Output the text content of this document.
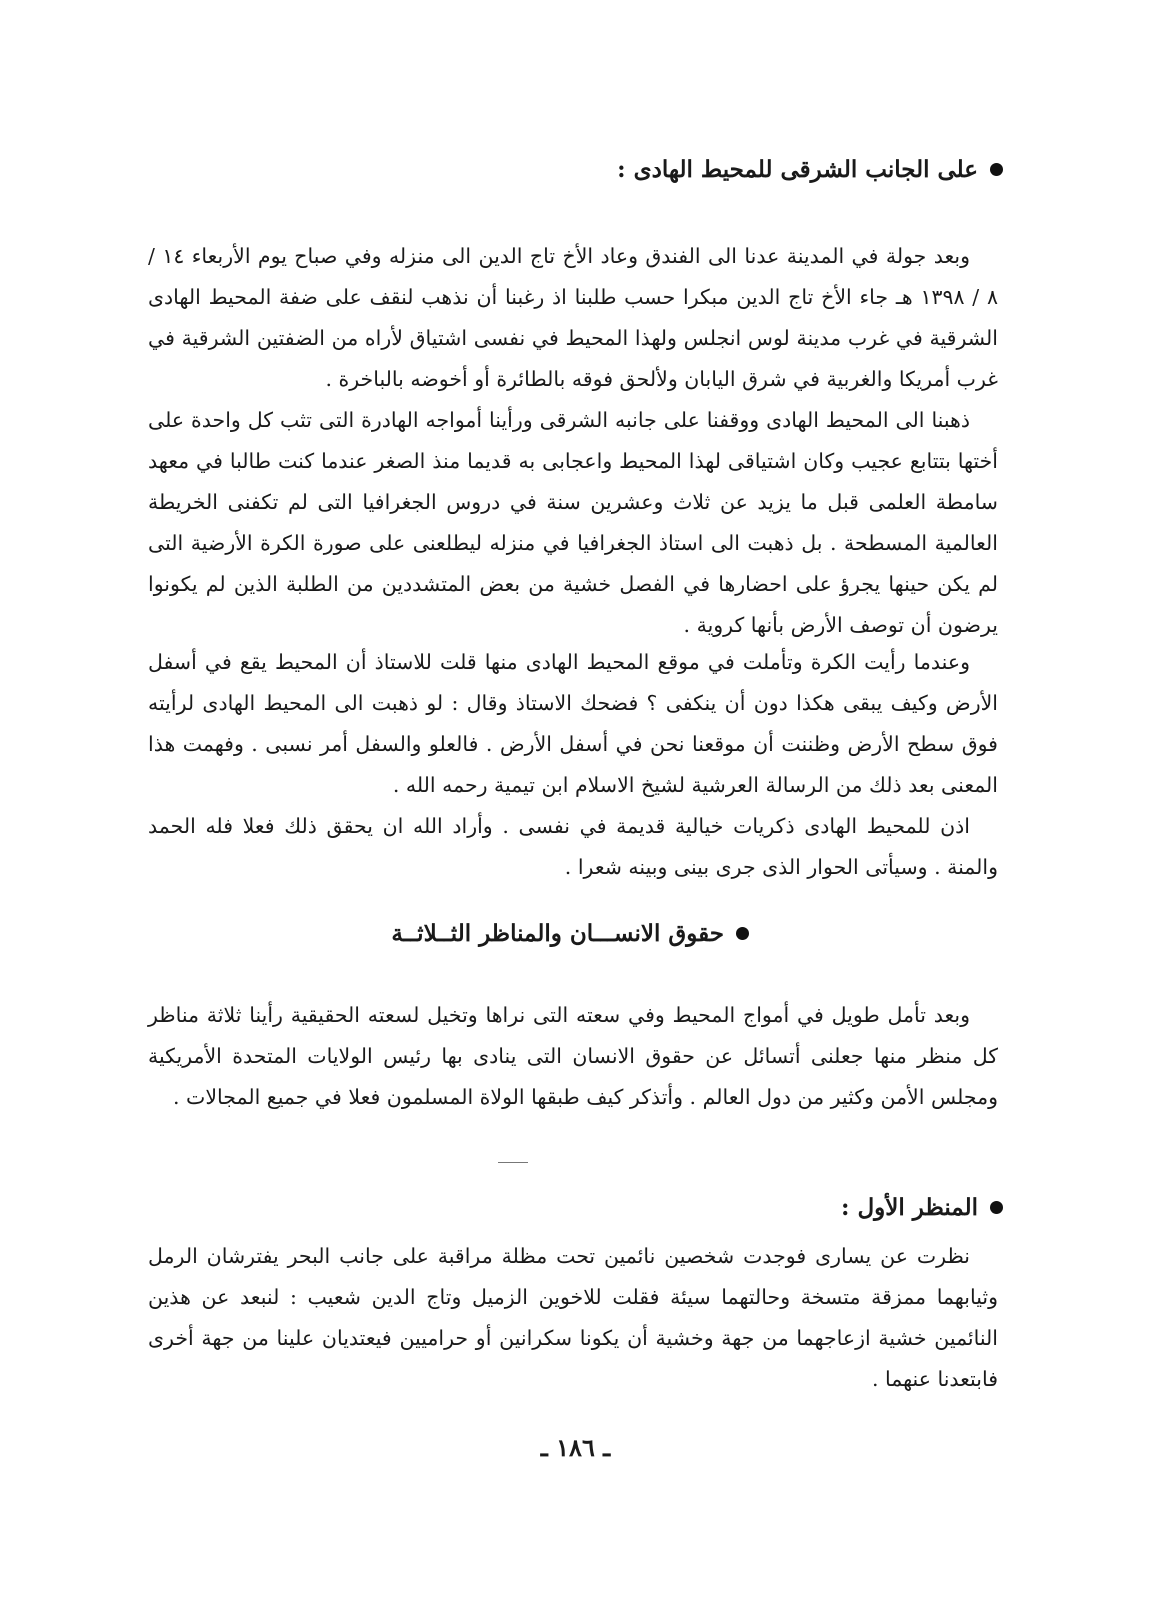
على الجانب الشرقى للمحيط الهادى :

وبعد جولة في المدينة عدنا الى الفندق وعاد الأخ تاج الدين الى منزله وفي صباح يوم الأربعاء ١٤ / ٨ / ١٣٩٨ هـ جاء الأخ تاج الدين مبكرا حسب طلبنا اذ رغبنا أن نذهب لنقف على ضفة المحيط الهادى الشرقية في غرب مدينة لوس انجلس ولهذا المحيط في نفسى اشتياق لأراه من الضفتين الشرقية في غرب أمريكا والغربية في شرق اليابان ولألحق فوقه بالطائرة أو أخوضه بالباخرة .

ذهبنا الى المحيط الهادى ووقفنا على جانبه الشرقى ورأينا أمواجه الهادرة التى تثب كل واحدة على أختها بتتابع عجيب وكان اشتياقى لهذا المحيط واعجابى به قديما منذ الصغر عندما كنت طالبا في معهد سامطة العلمى قبل ما يزيد عن ثلاث وعشرين سنة في دروس الجغرافيا التى لم تكفنى الخريطة العالمية المسطحة . بل ذهبت الى استاذ الجغرافيا في منزله ليطلعنى على صورة الكرة الأرضية التى لم يكن حينها يجرؤ على احضارها في الفصل خشية من بعض المتشددين من الطلبة الذين لم يكونوا يرضون أن توصف الأرض بأنها كروية .

وعندما رأيت الكرة وتأملت في موقع المحيط الهادى منها قلت للاستاذ أن المحيط يقع في أسفل الأرض وكيف يبقى هكذا دون أن ينكفى ؟ فضحك الاستاذ وقال : لو ذهبت الى المحيط الهادى لرأيته فوق سطح الأرض وظننت أن موقعنا نحن في أسفل الأرض . فالعلو والسفل أمر نسبى . وفهمت هذا المعنى بعد ذلك من الرسالة العرشية لشيخ الاسلام ابن تيمية رحمه الله .

اذن للمحيط الهادى ذكريات خيالية قديمة في نفسى . وأراد الله ان يحقق ذلك فعلا فله الحمد والمنة . وسيأتى الحوار الذى جرى بينى وبينه شعرا .

حقوق الانســـان والمناظر الثــلاثــة

وبعد تأمل طويل في أمواج المحيط وفي سعته التى نراها وتخيل لسعته الحقيقية رأينا ثلاثة مناظر كل منظر منها جعلنى أتسائل عن حقوق الانسان التى ينادى بها رئيس الولايات المتحدة الأمريكية ومجلس الأمن وكثير من دول العالم . وأتذكر كيف طبقها الولاة المسلمون فعلا في جميع المجالات .

المنظر الأول :

نظرت عن يسارى فوجدت شخصين نائمين تحت مظلة مراقبة على جانب البحر يفترشان الرمل وثيابهما ممزقة متسخة وحالتهما سيئة فقلت للاخوين الزميل وتاج الدين شعيب : لنبعد عن هذين النائمين خشية ازعاجهما من جهة وخشية أن يكونا سكرانين أو حراميين فيعتديان علينا من جهة أخرى فابتعدنا عنهما .

ـ ١٨٦ ـ
